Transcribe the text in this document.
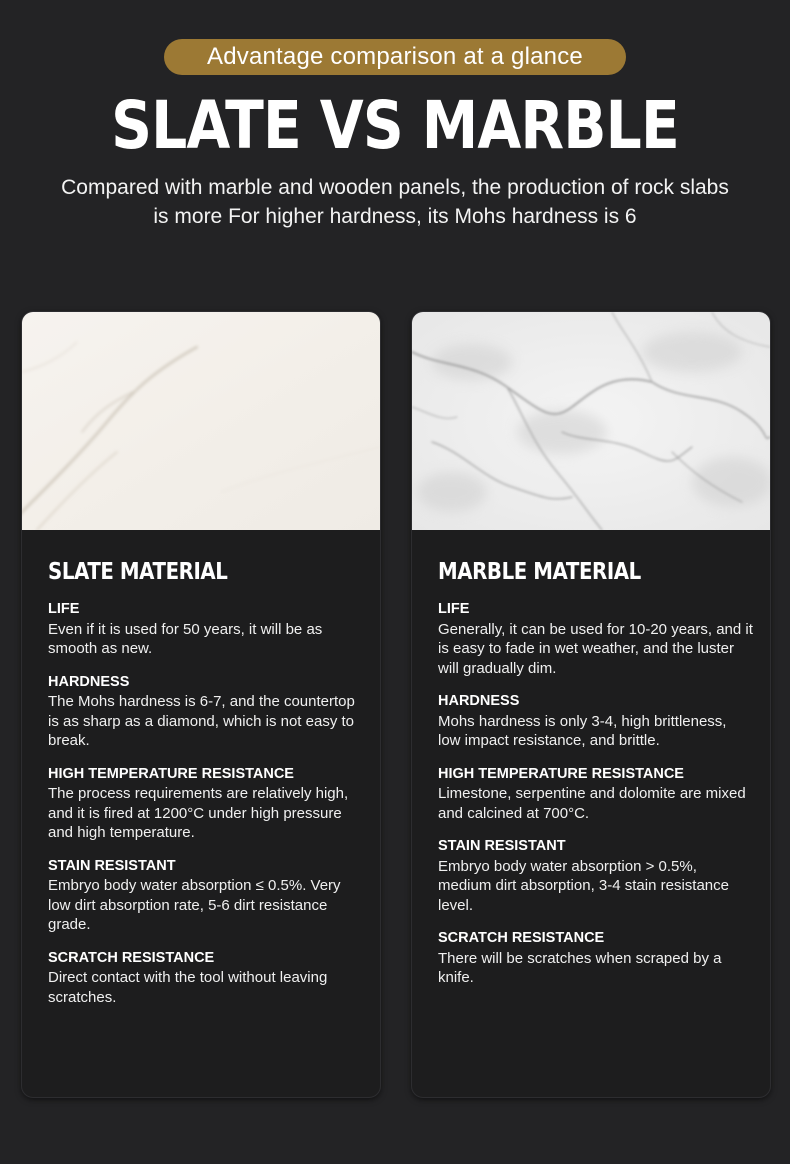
Advantage comparison at a glance
SLATE VS MARBLE
Compared with marble and wooden panels, the production of rock slabs is more For higher hardness, its Mohs hardness is 6
SLATE MATERIAL
LIFE
Even if it is used for 50 years, it will be as smooth as new.
HARDNESS
The Mohs hardness is 6-7, and the countertop is as sharp as a diamond, which is not easy to break.
HIGH TEMPERATURE RESISTANCE
The process requirements are relatively high, and it is fired at 1200°C under high pressure and high temperature.
STAIN RESISTANT
Embryo body water absorption ≤ 0.5%. Very low dirt absorption rate, 5-6 dirt resistance grade.
SCRATCH RESISTANCE
Direct contact with the tool without leaving scratches.
MARBLE MATERIAL
LIFE
Generally, it can be used for 10-20 years, and it is easy to fade in wet weather, and the luster will gradually dim.
HARDNESS
Mohs hardness is only 3-4, high brittleness, low impact resistance, and brittle.
HIGH TEMPERATURE RESISTANCE
Limestone, serpentine and dolomite are mixed and calcined at 700°C.
STAIN RESISTANT
Embryo body water absorption > 0.5%, medium dirt absorption, 3-4 stain resistance level.
SCRATCH RESISTANCE
There will be scratches when scraped by a knife.
